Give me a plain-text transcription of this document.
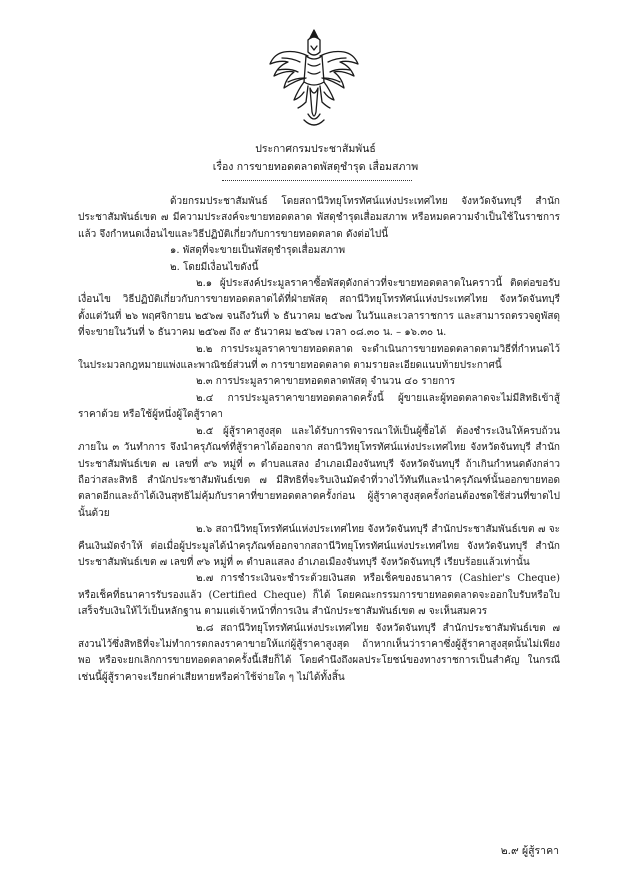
ประกาศกรมประชาสัมพันธ์
เรื่อง การขายทอดตลาดพัสดุชำรุด เสื่อมสภาพ

ด้วยกรมประชาสัมพันธ์ โดยสถานีวิทยุโทรทัศน์แห่งประเทศไทย จังหวัดจันทบุรี สำนักประชาสัมพันธ์เขต ๗ มีความประสงค์จะขายทอดตลาด พัสดุชำรุดเสื่อมสภาพ หรือหมดความจำเป็นใช้ในราชการแล้ว จึงกำหนดเงื่อนไขและวิธีปฏิบัติเกี่ยวกับการขายทอดตลาด ดังต่อไปนี้

๑. พัสดุที่จะขายเป็นพัสดุชำรุดเสื่อมสภาพ

๒. โดยมีเงื่อนไขดังนี้

๒.๑ ผู้ประสงค์ประมูลราคาซื้อพัสดุดังกล่าวที่จะขายทอดตลาดในคราวนี้ ติดต่อขอรับเงื่อนไข วิธีปฏิบัติเกี่ยวกับการขายทอดตลาดได้ที่ฝ่ายพัสดุ สถานีวิทยุโทรทัศน์แห่งประเทศไทย จังหวัดจันทบุรี ตั้งแต่วันที่ ๒๖ พฤศจิกายน ๒๕๖๗ จนถึงวันที่ ๖ ธันวาคม ๒๕๖๗ ในวันและเวลาราชการ และสามารถตรวจดูพัสดุที่จะขายในวันที่ ๖ ธันวาคม ๒๕๖๗ ถึง ๙ ธันวาคม ๒๕๖๗ เวลา ๐๘.๓๐ น. – ๑๖.๓๐ น.

๒.๒ การประมูลราคาขายทอดตลาด จะดำเนินการขายทอดตลาดตามวิธีที่กำหนดไว้ในประมวลกฎหมายแพ่งและพาณิชย์ส่วนที่ ๓ การขายทอดตลาด ตามรายละเอียดแนบท้ายประกาศนี้

๒.๓ การประมูลราคาขายทอดตลาดพัสดุ จำนวน ๔๐ รายการ

๒.๔ การประมูลราคาขายทอดตลาดครั้งนี้ ผู้ขายและผู้ทอดตลาดจะไม่มีสิทธิเข้าสู้ราคาด้วย หรือใช้ผู้หนึ่งผู้ใดสู้ราคา

๒.๕ ผู้สู้ราคาสูงสุด และได้รับการพิจารณาให้เป็นผู้ซื้อได้ ต้องชำระเงินให้ครบถ้วนภายใน ๓ วันทำการ จึงนำครุภัณฑ์ที่สู้ราคาได้ออกจาก สถานีวิทยุโทรทัศน์แห่งประเทศไทย จังหวัดจันทบุรี สำนักประชาสัมพันธ์เขต ๗ เลขที่ ๙๖ หมู่ที่ ๓ ตำบลแสลง อำเภอเมืองจันทบุรี จังหวัดจันทบุรี ถ้าเกินกำหนดดังกล่าวถือว่าสละสิทธิ สำนักประชาสัมพันธ์เขต ๗ มีสิทธิที่จะริบเงินมัดจำที่วางไว้ทันทีและนำครุภัณฑ์นั้นออกขายทอดตลาดอีกและถ้าได้เงินสุทธิไม่คุ้มกับราคาที่ขายทอดตลาดครั้งก่อน ผู้สู้ราคาสูงสุดครั้งก่อนต้องชดใช้ส่วนที่ขาดไปนั้นด้วย

๒.๖ สถานีวิทยุโทรทัศน์แห่งประเทศไทย จังหวัดจันทบุรี สำนักประชาสัมพันธ์เขต ๗ จะคืนเงินมัดจำให้ ต่อเมื่อผู้ประมูลได้นำครุภัณฑ์ออกจากสถานีวิทยุโทรทัศน์แห่งประเทศไทย จังหวัดจันทบุรี สำนักประชาสัมพันธ์เขต ๗ เลขที่ ๙๖ หมู่ที่ ๓ ตำบลแสลง อำเภอเมืองจันทบุรี จังหวัดจันทบุรี เรียบร้อยแล้วเท่านั้น

๒.๗ การชำระเงินจะชำระด้วยเงินสด หรือเช็คของธนาคาร (Cashier's Cheque) หรือเช็คที่ธนาคารรับรองแล้ว (Certified Cheque) ก็ได้ โดยคณะกรรมการขายทอดตลาดจะออกใบรับหรือใบเสร็จรับเงินให้ไว้เป็นหลักฐาน ตามแต่เจ้าหน้าที่การเงิน สำนักประชาสัมพันธ์เขต ๗ จะเห็นสมควร

๒.๘ สถานีวิทยุโทรทัศน์แห่งประเทศไทย จังหวัดจันทบุรี สำนักประชาสัมพันธ์เขต ๗ สงวนไว้ซึ่งสิทธิที่จะไม่ทำการตกลงราคาขายให้แก่ผู้สู้ราคาสูงสุด ถ้าหากเห็นว่าราคาซึ่งผู้สู้ราคาสูงสุดนั้นไม่เพียงพอ หรือจะยกเลิกการขายทอดตลาดครั้งนี้เสียก็ได้ โดยคำนึงถึงผลประโยชน์ของทางราชการเป็นสำคัญ ในกรณีเช่นนี้ผู้สู้ราคาจะเรียกค่าเสียหายหรือค่าใช้จ่ายใด ๆ ไม่ได้ทั้งสิ้น

๒.๙ ผู้สู้ราคา
